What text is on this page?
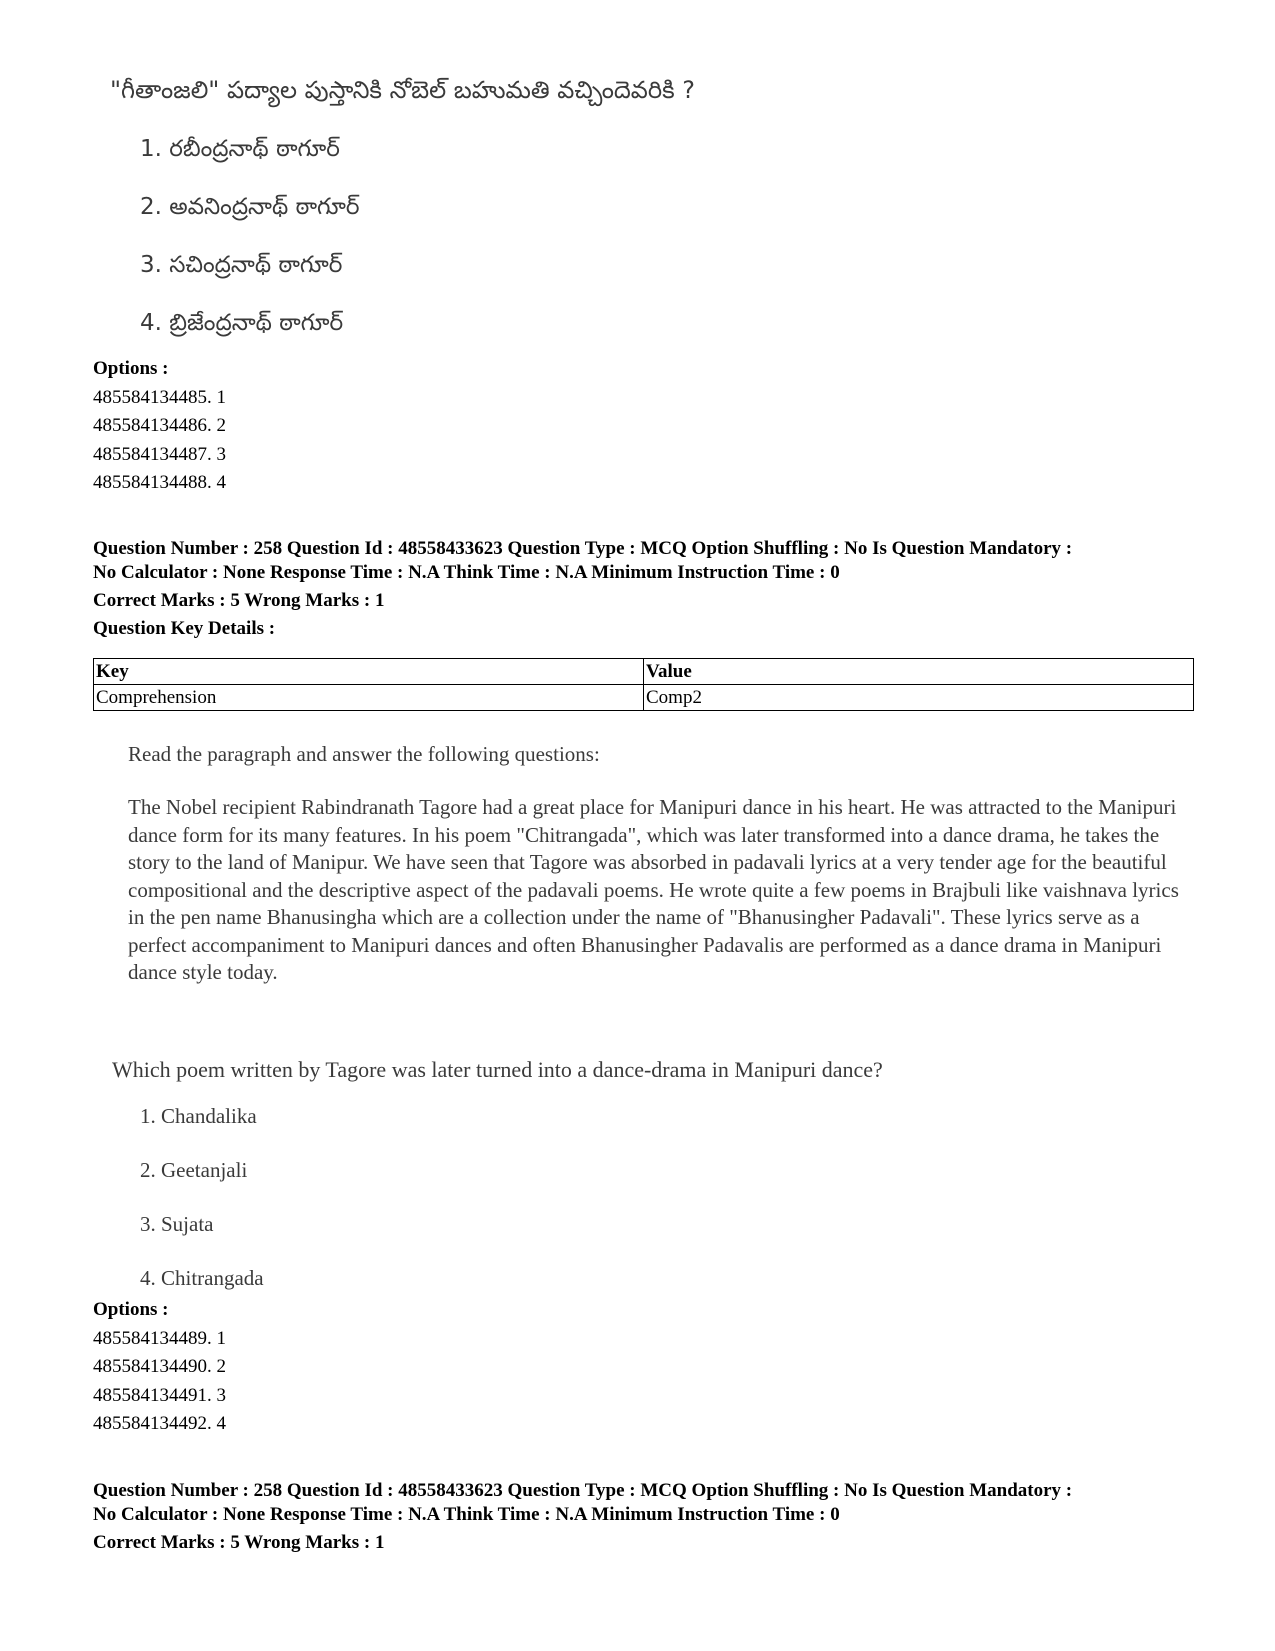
"గీతాంజలి" పద్యాల పుస్తానికి నోబెల్ బహుమతి వచ్చిందెవరికి ?
1. రబీంద్రనాథ్ ఠాగూర్
2. అవనింద్రనాథ్ ఠాగూర్
3. సచింద్రనాథ్ ఠాగూర్
4. బ్రిజేంద్రనాథ్ ఠాగూర్
Options :
485584134485. 1
485584134486. 2
485584134487. 3
485584134488. 4
Question Number : 258 Question Id : 48558433623 Question Type : MCQ Option Shuffling : No Is Question Mandatory :
No Calculator : None Response Time : N.A Think Time : N.A Minimum Instruction Time : 0
Correct Marks : 5 Wrong Marks : 1
Question Key Details :
Key	Value
Comprehension	Comp2
Read the paragraph and answer the following questions:
The Nobel recipient Rabindranath Tagore had a great place for Manipuri dance in his heart. He was attracted to the Manipuri dance form for its many features. In his poem "Chitrangada", which was later transformed into a dance drama, he takes the story to the land of Manipur. We have seen that Tagore was absorbed in padavali lyrics at a very tender age for the beautiful compositional and the descriptive aspect of the padavali poems. He wrote quite a few poems in Brajbuli like vaishnava lyrics in the pen name Bhanusingha which are a collection under the name of "Bhanusingher Padavali". These lyrics serve as a perfect accompaniment to Manipuri dances and often Bhanusingher Padavalis are performed as a dance drama in Manipuri dance style today.
Which poem written by Tagore was later turned into a dance-drama in Manipuri dance?
1. Chandalika
2. Geetanjali
3. Sujata
4. Chitrangada
Options :
485584134489. 1
485584134490. 2
485584134491. 3
485584134492. 4
Question Number : 258 Question Id : 48558433623 Question Type : MCQ Option Shuffling : No Is Question Mandatory :
No Calculator : None Response Time : N.A Think Time : N.A Minimum Instruction Time : 0
Correct Marks : 5 Wrong Marks : 1
